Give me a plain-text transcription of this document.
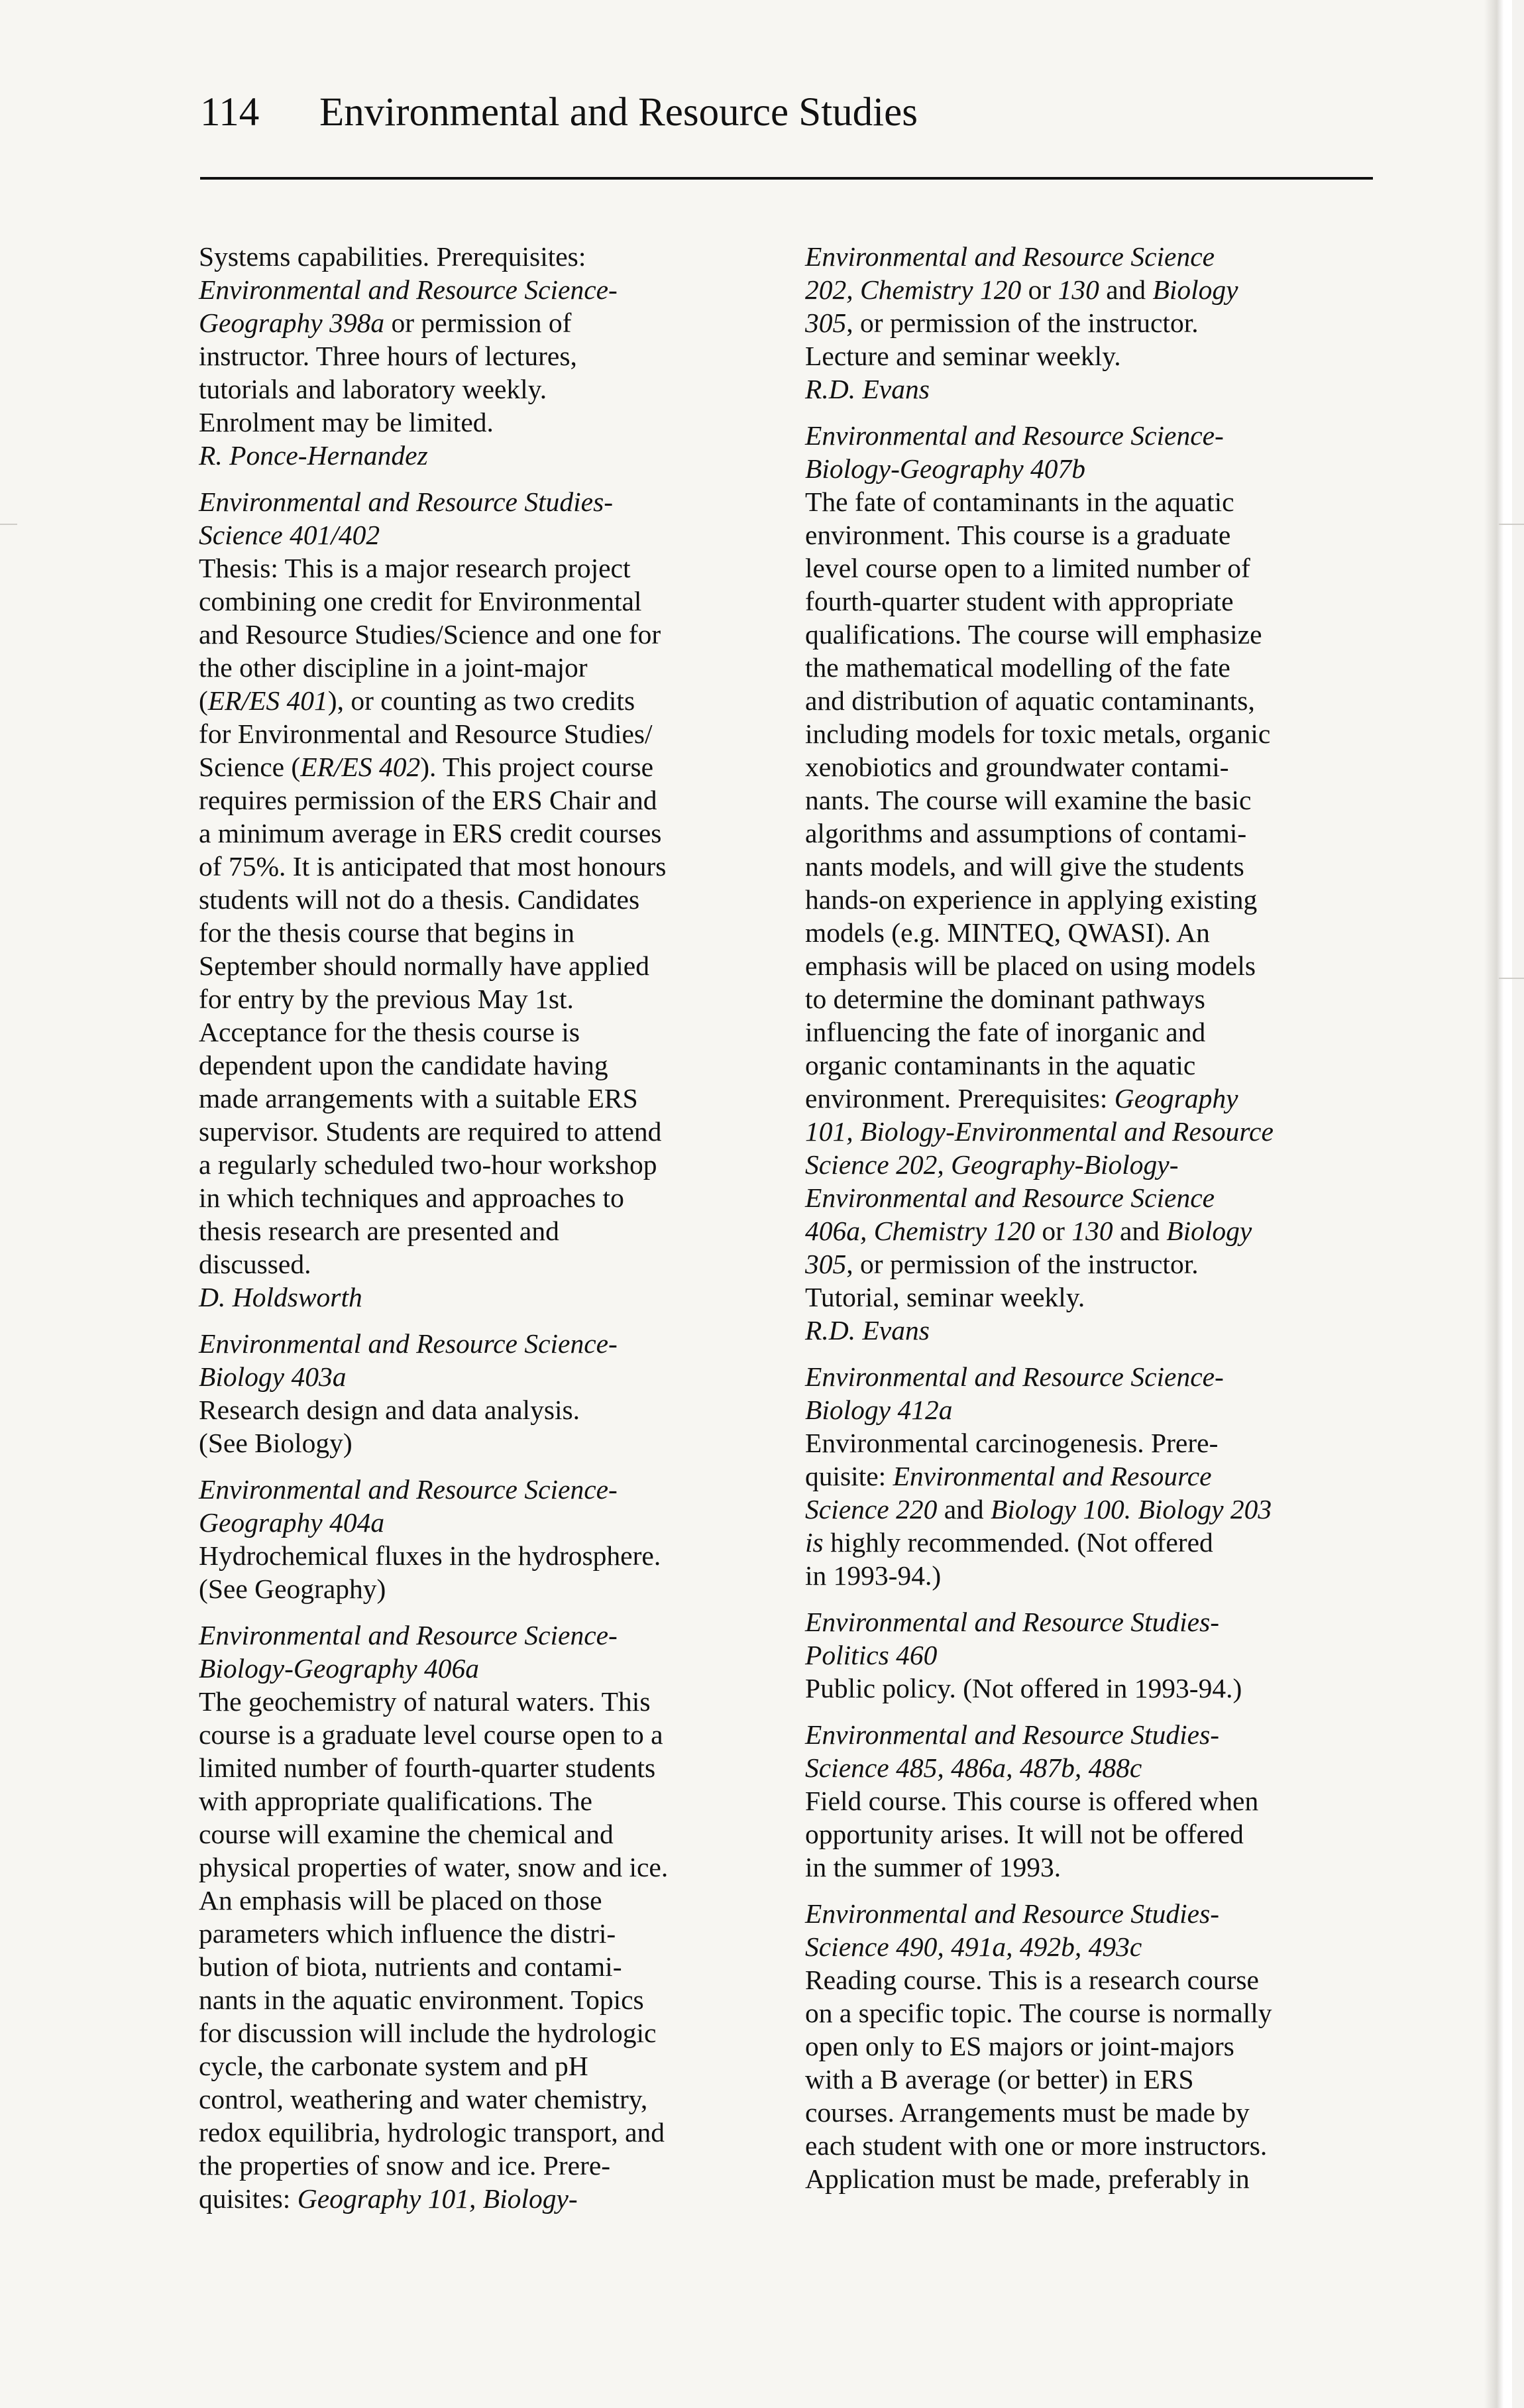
114 Environmental and Resource Studies

Systems capabilities. Prerequisites:

Environmental and Resource Science-

Geography 398a or permission of

instructor. Three hours of lectures,

tutorials and laboratory weekly.

Enrolment may be limited.

R. Ponce-Hernandez

Environmental and Resource Studies-

Science 401/402

Thesis: This is a major research project

combining one credit for Environmental

and Resource Studies/Science and one for

the other discipline in a joint-major

(ER/ES 401), or counting as two credits

for Environmental and Resource Studies/

Science (ER/ES 402). This project course

requires permission of the ERS Chair and

a minimum average in ERS credit courses

of 75%. It is anticipated that most honours

students will not do a thesis. Candidates

for the thesis course that begins in

September should normally have applied

for entry by the previous May 1st.

Acceptance for the thesis course is

dependent upon the candidate having

made arrangements with a suitable ERS

supervisor. Students are required to attend

a regularly scheduled two-hour workshop

in which techniques and approaches to

thesis research are presented and

discussed.

D. Holdsworth

Environmental and Resource Science-

Biology 403a

Research design and data analysis.

(See Biology)

Environmental and Resource Science-

Geography 404a

Hydrochemical fluxes in the hydrosphere.

(See Geography)

Environmental and Resource Science-

Biology-Geography 406a

The geochemistry of natural waters. This

course is a graduate level course open to a

limited number of fourth-quarter students

with appropriate qualifications. The

course will examine the chemical and

physical properties of water, snow and ice.

An emphasis will be placed on those

parameters which influence the distri-

bution of biota, nutrients and contami-

nants in the aquatic environment. Topics

for discussion will include the hydrologic

cycle, the carbonate system and pH

control, weathering and water chemistry,

redox equilibria, hydrologic transport, and

the properties of snow and ice. Prere-

quisites: Geography 101, Biology-

Environmental and Resource Science

202, Chemistry 120 or 130 and Biology

305, or permission of the instructor.

Lecture and seminar weekly.

R.D. Evans

Environmental and Resource Science-

Biology-Geography 407b

The fate of contaminants in the aquatic

environment. This course is a graduate

level course open to a limited number of

fourth-quarter student with appropriate

qualifications. The course will emphasize

the mathematical modelling of the fate

and distribution of aquatic contaminants,

including models for toxic metals, organic

xenobiotics and groundwater contami-

nants. The course will examine the basic

algorithms and assumptions of contami-

nants models, and will give the students

hands-on experience in applying existing

models (e.g. MINTEQ, QWASI). An

emphasis will be placed on using models

to determine the dominant pathways

influencing the fate of inorganic and

organic contaminants in the aquatic

environment. Prerequisites: Geography

101, Biology-Environmental and Resource

Science 202, Geography-Biology-

Environmental and Resource Science

406a, Chemistry 120 or 130 and Biology

305, or permission of the instructor.

Tutorial, seminar weekly.

R.D. Evans

Environmental and Resource Science-

Biology 412a

Environmental carcinogenesis. Prere-

quisite: Environmental and Resource

Science 220 and Biology 100. Biology 203

is highly recommended. (Not offered

in 1993-94.)

Environmental and Resource Studies-

Politics 460

Public policy. (Not offered in 1993-94.)

Environmental and Resource Studies-

Science 485, 486a, 487b, 488c

Field course. This course is offered when

opportunity arises. It will not be offered

in the summer of 1993.

Environmental and Resource Studies-

Science 490, 491a, 492b, 493c

Reading course. This is a research course

on a specific topic. The course is normally

open only to ES majors or joint-majors

with a B average (or better) in ERS

courses. Arrangements must be made by

each student with one or more instructors.

Application must be made, preferably in
